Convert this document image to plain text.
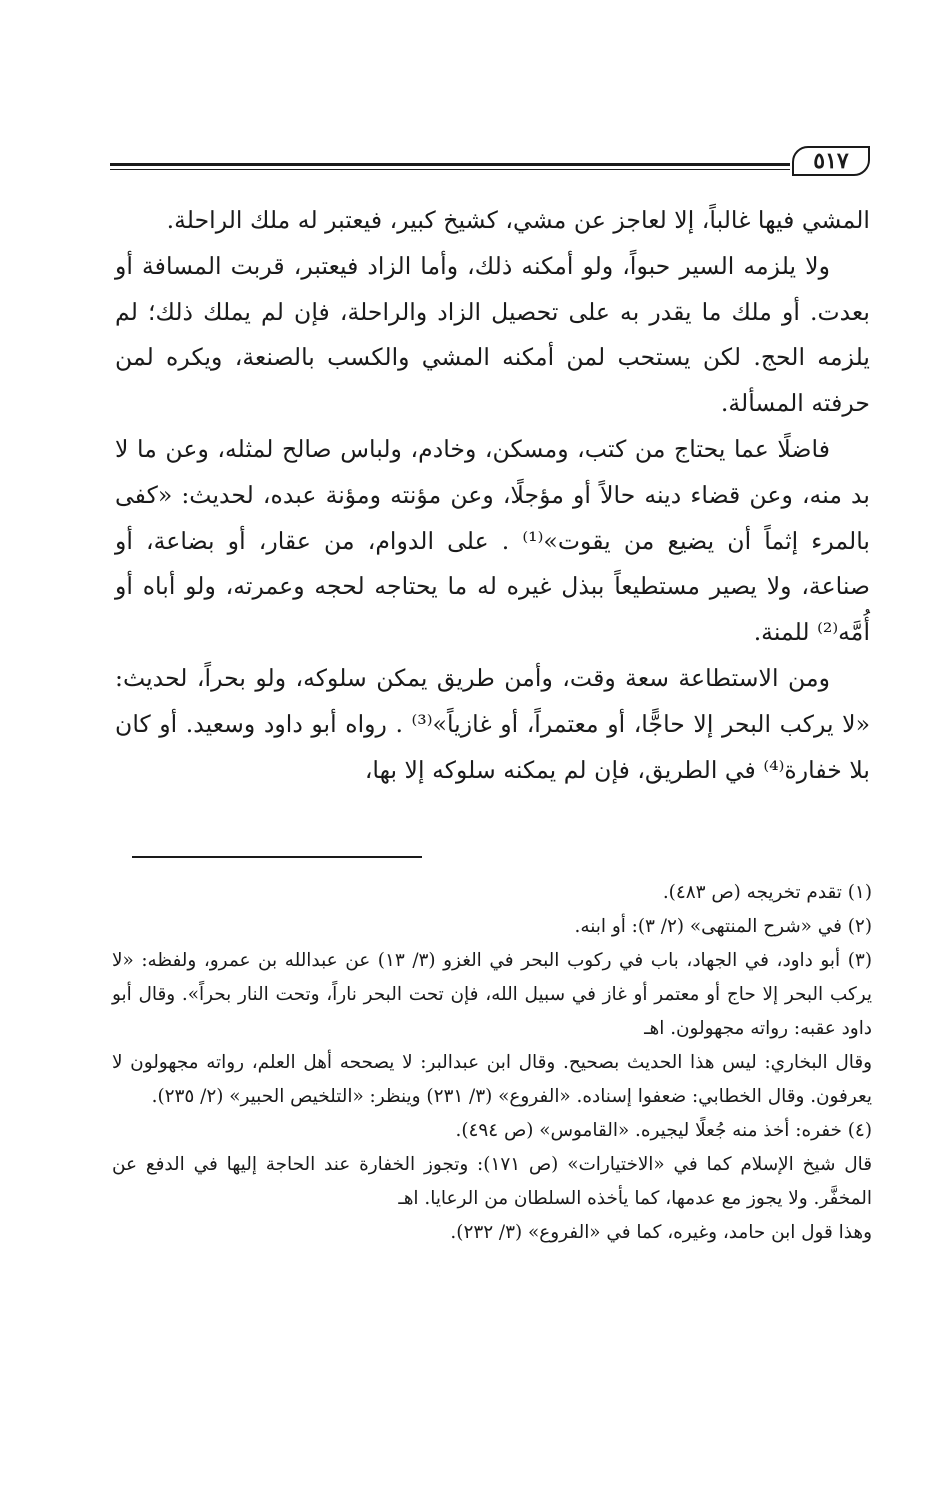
٥١٧

المشي فيها غالباً، إلا لعاجز عن مشي، كشيخ كبير، فيعتبر له ملك الراحلة.

ولا يلزمه السير حبواً، ولو أمكنه ذلك، وأما الزاد فيعتبر، قربت المسافة أو بعدت. أو ملك ما يقدر به على تحصيل الزاد والراحلة، فإن لم يملك ذلك؛ لم يلزمه الحج. لكن يستحب لمن أمكنه المشي والكسب بالصنعة، ويكره لمن حرفته المسألة.

فاضلًا عما يحتاج من كتب، ومسكن، وخادم، ولباس صالح لمثله، وعن ما لا بد منه، وعن قضاء دينه حالاً أو مؤجلًا، وعن مؤنته ومؤنة عبده، لحديث: «كفى بالمرء إثماً أن يضيع من يقوت»⁽¹⁾ . على الدوام، من عقار، أو بضاعة، أو صناعة، ولا يصير مستطيعاً ببذل غيره له ما يحتاجه لحجه وعمرته، ولو أباه أو أُمَّه⁽²⁾ للمنة.

ومن الاستطاعة سعة وقت، وأمن طريق يمكن سلوكه، ولو بحراً، لحديث: «لا يركب البحر إلا حاجًّا، أو معتمراً، أو غازياً»⁽³⁾ . رواه أبو داود وسعيد. أو كان بلا خفارة⁽⁴⁾ في الطريق، فإن لم يمكنه سلوكه إلا بها،

(١) تقدم تخريجه (ص ٤٨٣).

(٢) في «شرح المنتهى» (٢/ ٣): أو ابنه.

(٣) أبو داود، في الجهاد، باب في ركوب البحر في الغزو (٣/ ١٣) عن عبدالله بن عمرو، ولفظه: «لا يركب البحر إلا حاج أو معتمر أو غاز في سبيل الله، فإن تحت البحر ناراً، وتحت النار بحراً». وقال أبو داود عقبه: رواته مجهولون. اهـ

وقال البخاري: ليس هذا الحديث بصحيح. وقال ابن عبدالبر: لا يصححه أهل العلم، رواته مجهولون لا يعرفون. وقال الخطابي: ضعفوا إسناده. «الفروع» (٣/ ٢٣١) وينظر: «التلخيص الحبير» (٢/ ٢٣٥).

(٤) خفره: أخذ منه جُعلًا ليجيره. «القاموس» (ص ٤٩٤).

قال شيخ الإسلام كما في «الاختيارات» (ص ١٧١): وتجوز الخفارة عند الحاجة إليها في الدفع عن المخفَّر. ولا يجوز مع عدمها، كما يأخذه السلطان من الرعايا. اهـ

وهذا قول ابن حامد، وغيره، كما في «الفروع» (٣/ ٢٣٢).
